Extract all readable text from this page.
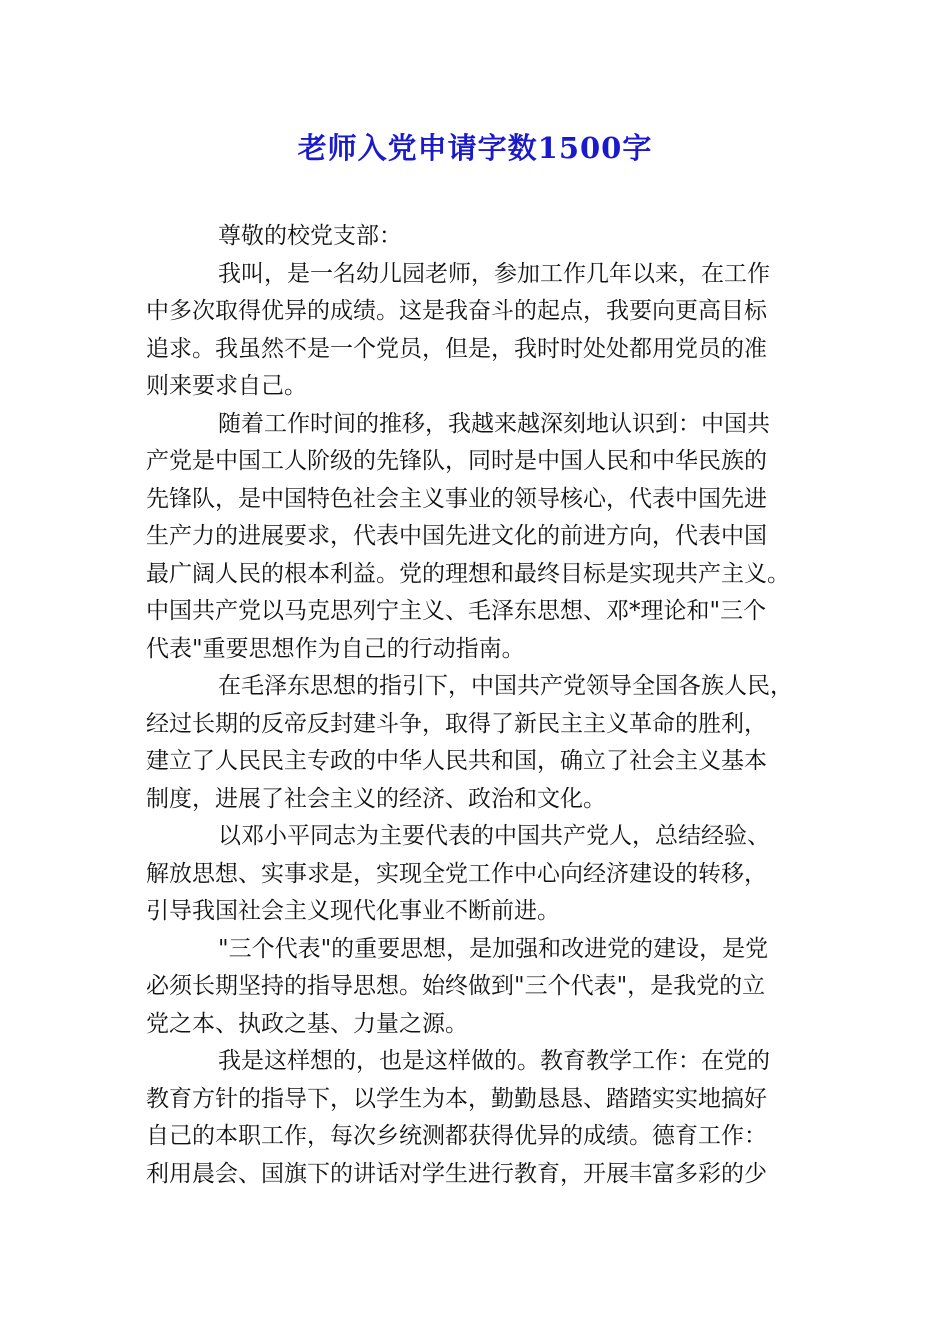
老师入党申请字数1500字

尊敬的校党支部：

我叫，是一名幼儿园老师，参加工作几年以来，在工作

中多次取得优异的成绩。这是我奋斗的起点，我要向更高目标

追求。我虽然不是一个党员，但是，我时时处处都用党员的准

则来要求自己。

随着工作时间的推移，我越来越深刻地认识到：中国共

产党是中国工人阶级的先锋队，同时是中国人民和中华民族的

先锋队，是中国特色社会主义事业的领导核心，代表中国先进

生产力的进展要求，代表中国先进文化的前进方向，代表中国

最广阔人民的根本利益。党的理想和最终目标是实现共产主义。

中国共产党以马克思列宁主义、毛泽东思想、邓*理论和"三个

代表"重要思想作为自己的行动指南。

在毛泽东思想的指引下，中国共产党领导全国各族人民，

经过长期的反帝反封建斗争，取得了新民主主义革命的胜利，

建立了人民民主专政的中华人民共和国，确立了社会主义基本

制度，进展了社会主义的经济、政治和文化。

以邓小平同志为主要代表的中国共产党人，总结经验、

解放思想、实事求是，实现全党工作中心向经济建设的转移，

引导我国社会主义现代化事业不断前进。

"三个代表"的重要思想，是加强和改进党的建设，是党

必须长期坚持的指导思想。始终做到"三个代表"，是我党的立

党之本、执政之基、力量之源。

我是这样想的，也是这样做的。教育教学工作：在党的

教育方针的指导下，以学生为本，勤勤恳恳、踏踏实实地搞好

自己的本职工作，每次乡统测都获得优异的成绩。德育工作：

利用晨会、国旗下的讲话对学生进行教育，开展丰富多彩的少
